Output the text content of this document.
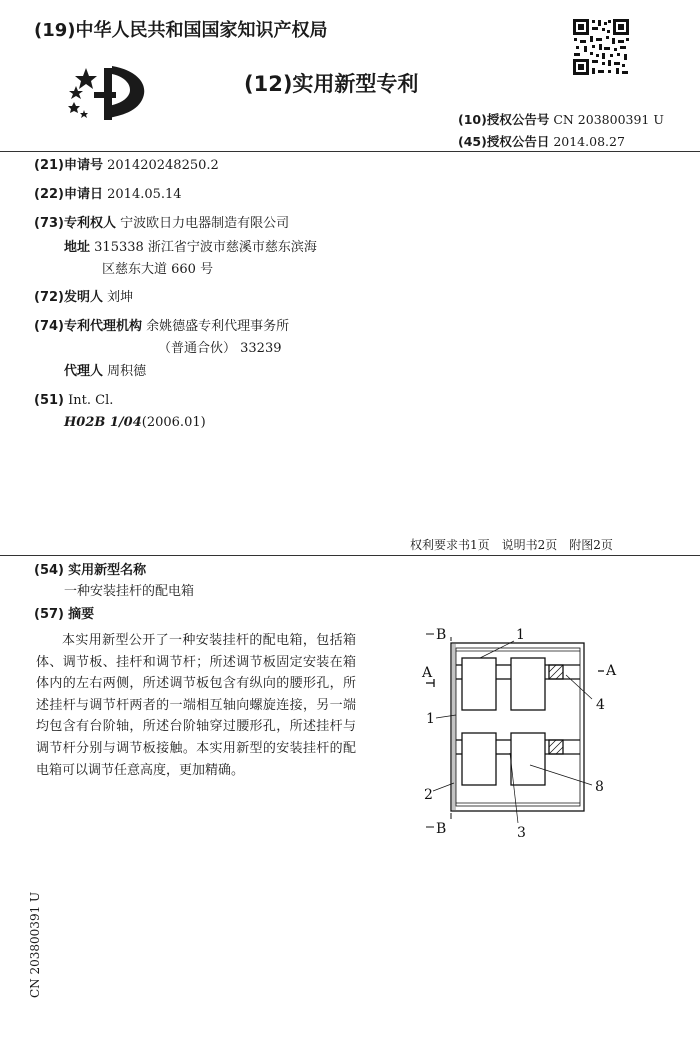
(19)中华人民共和国国家知识产权局
(12)实用新型专利
(10)授权公告号 CN 203800391 U
(45)授权公告日 2014.08.27
(21)申请号 201420248250.2
(22)申请日 2014.05.14
(73)专利权人 宁波欧日力电器制造有限公司
地址 315338 浙江省宁波市慈溪市慈东滨海
区慈东大道 660 号
(72)发明人 刘坤
(74)专利代理机构 余姚德盛专利代理事务所
（普通合伙） 33239
代理人 周积德
(51) Int. Cl.
H02B 1/04(2006.01)
权利要求书1页　说明书2页　附图2页
(54) 实用新型名称
一种安装挂杆的配电箱
(57) 摘要
本实用新型公开了一种安装挂杆的配电箱，包括箱体、调节板、挂杆和调节杆；所述调节板固定安装在箱体内的左右两侧，所述调节板包含有纵向的腰形孔，所述挂杆与调节杆两者的一端相互轴向螺旋连接，另一端均包含有台阶轴，所述台阶轴穿过腰形孔，所述挂杆与调节杆分别与调节板接触。本实用新型的安装挂杆的配电箱可以调节任意高度，更加精确。
B
B
A	A
1
1
4
2	8
3
CN 203800391 U
